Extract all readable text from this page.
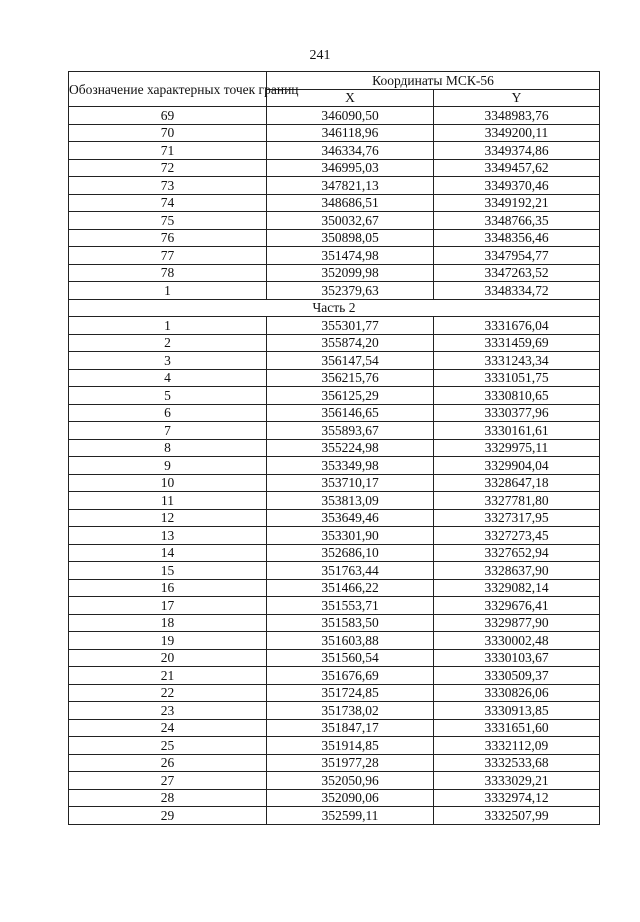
241
Обозначение характерных точек границ	Координаты МСК-56	
	X	Y
69	346090,50	3348983,76
70	346118,96	3349200,11
71	346334,76	3349374,86
72	346995,03	3349457,62
73	347821,13	3349370,46
74	348686,51	3349192,21
75	350032,67	3348766,35
76	350898,05	3348356,46
77	351474,98	3347954,77
78	352099,98	3347263,52
1	352379,63	3348334,72
Часть 2		
1	355301,77	3331676,04
2	355874,20	3331459,69
3	356147,54	3331243,34
4	356215,76	3331051,75
5	356125,29	3330810,65
6	356146,65	3330377,96
7	355893,67	3330161,61
8	355224,98	3329975,11
9	353349,98	3329904,04
10	353710,17	3328647,18
11	353813,09	3327781,80
12	353649,46	3327317,95
13	353301,90	3327273,45
14	352686,10	3327652,94
15	351763,44	3328637,90
16	351466,22	3329082,14
17	351553,71	3329676,41
18	351583,50	3329877,90
19	351603,88	3330002,48
20	351560,54	3330103,67
21	351676,69	3330509,37
22	351724,85	3330826,06
23	351738,02	3330913,85
24	351847,17	3331651,60
25	351914,85	3332112,09
26	351977,28	3332533,68
27	352050,96	3333029,21
28	352090,06	3332974,12
29	352599,11	3332507,99
